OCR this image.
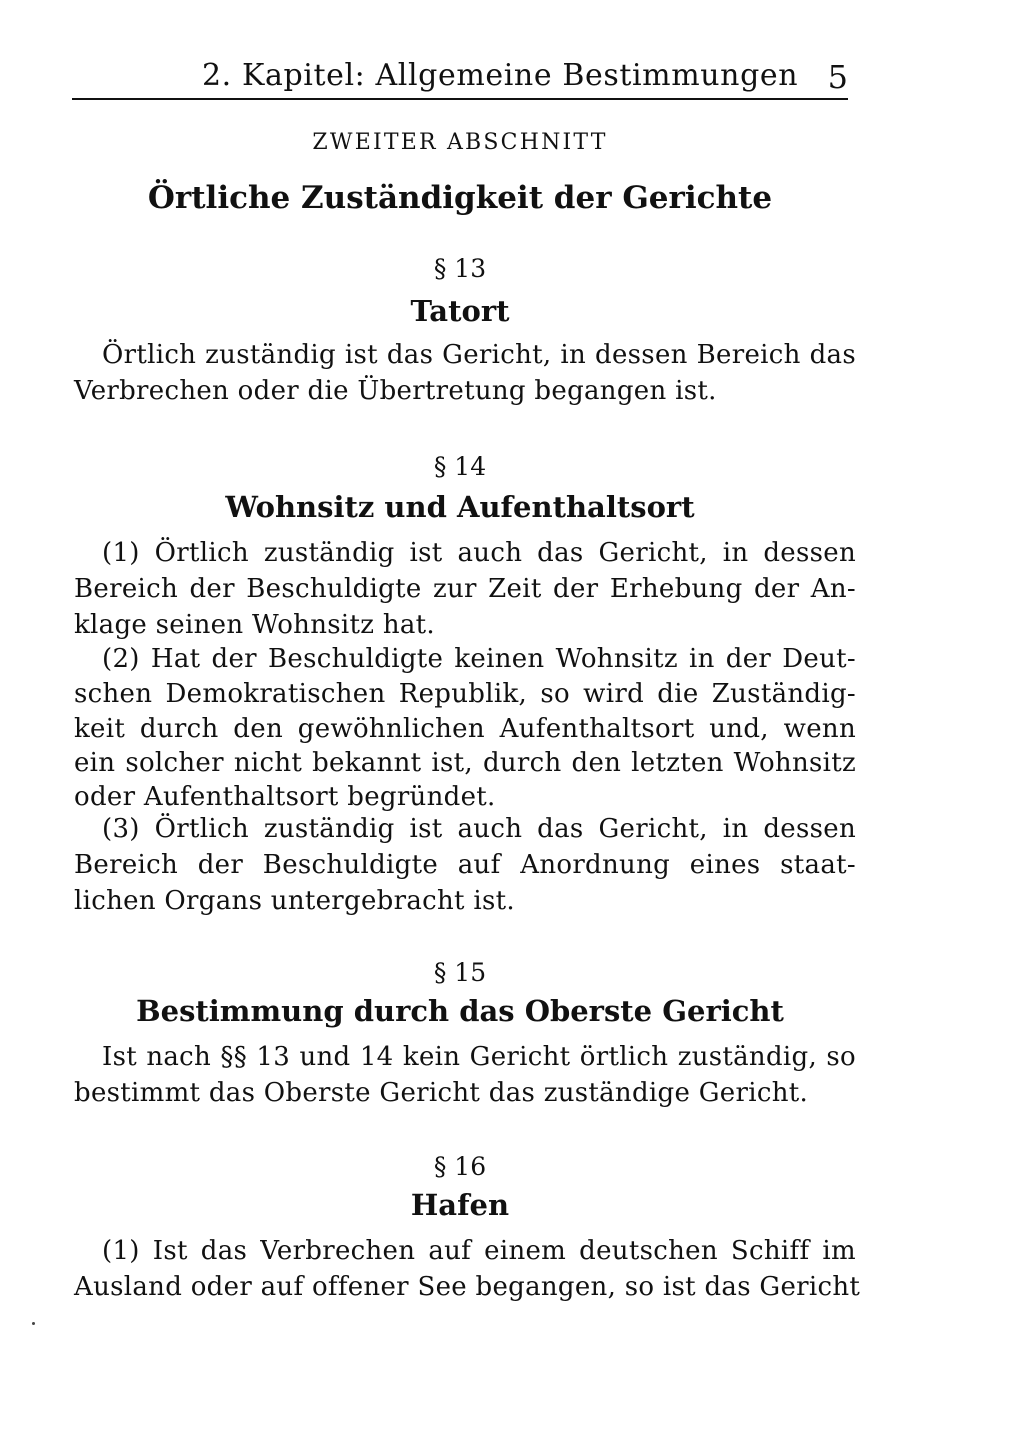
2. Kapitel: Allgemeine Bestimmungen 5
ZWEITER ABSCHNITT
Örtliche Zuständigkeit der Gerichte
§ 13
Tatort
Örtlich zuständig ist das Gericht, in dessen Bereich das
Verbrechen oder die Übertretung begangen ist.
§ 14
Wohnsitz und Aufenthaltsort
(1) Örtlich zuständig ist auch das Gericht, in dessen
Bereich der Beschuldigte zur Zeit der Erhebung der An-
klage seinen Wohnsitz hat.
(2) Hat der Beschuldigte keinen Wohnsitz in der Deut-
schen Demokratischen Republik, so wird die Zuständig-
keit durch den gewöhnlichen Aufenthaltsort und, wenn
ein solcher nicht bekannt ist, durch den letzten Wohnsitz
oder Aufenthaltsort begründet.
(3) Örtlich zuständig ist auch das Gericht, in dessen
Bereich der Beschuldigte auf Anordnung eines staat-
lichen Organs untergebracht ist.
§ 15
Bestimmung durch das Oberste Gericht
Ist nach §§ 13 und 14 kein Gericht örtlich zuständig, so
bestimmt das Oberste Gericht das zuständige Gericht.
§ 16
Hafen
(1) Ist das Verbrechen auf einem deutschen Schiff im
Ausland oder auf offener See begangen, so ist das Gericht
